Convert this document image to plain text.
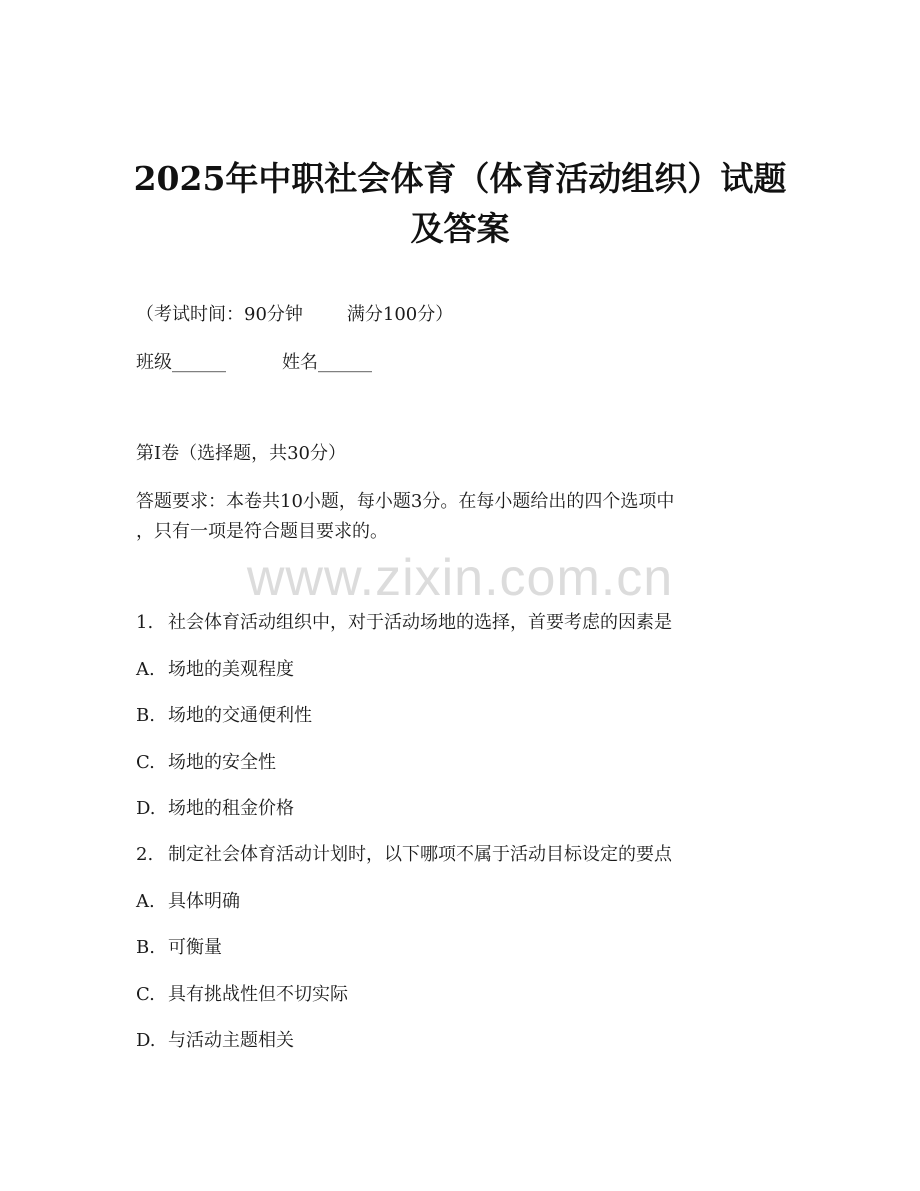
2025年中职社会体育（体育活动组织）试题
及答案

（考试时间：90分钟 满分100分）

班级______	姓名______

第I卷（选择题，共30分）

答题要求：本卷共10小题，每小题3分。在每小题给出的四个选项中

，只有一项是符合题目要求的。

www.zixin.com.cn

1. 社会体育活动组织中，对于活动场地的选择，首要考虑的因素是

A. 场地的美观程度

B. 场地的交通便利性

C. 场地的安全性

D. 场地的租金价格

2. 制定社会体育活动计划时，以下哪项不属于活动目标设定的要点

A. 具体明确

B. 可衡量

C. 具有挑战性但不切实际

D. 与活动主题相关
